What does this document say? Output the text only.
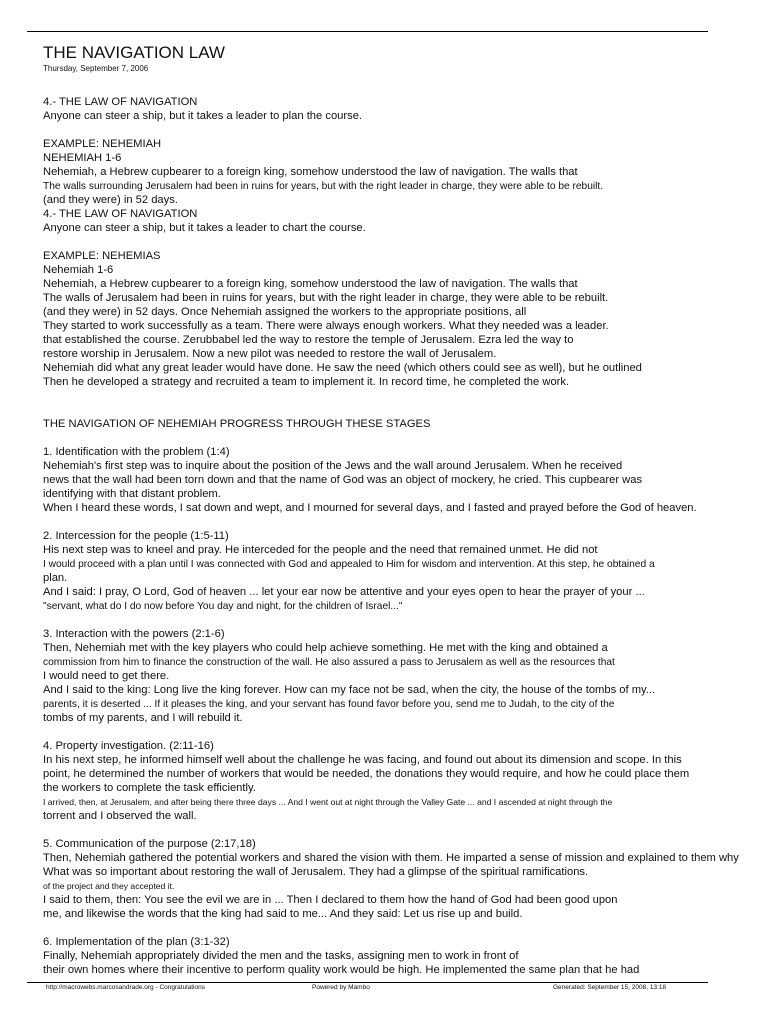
THE NAVIGATION LAW
Thursday, September 7, 2006
4.- THE LAW OF NAVIGATION
Anyone can steer a ship, but it takes a leader to plan the course.
EXAMPLE: NEHEMIAH
NEHEMIAH 1-6
Nehemiah, a Hebrew cupbearer to a foreign king, somehow understood the law of navigation. The walls that
The walls surrounding Jerusalem had been in ruins for years, but with the right leader in charge, they were able to be rebuilt.
(and they were) in 52 days.
4.- THE LAW OF NAVIGATION
Anyone can steer a ship, but it takes a leader to chart the course.
EXAMPLE: NEHEMIAS
Nehemiah 1-6
Nehemiah, a Hebrew cupbearer to a foreign king, somehow understood the law of navigation. The walls that
The walls of Jerusalem had been in ruins for years, but with the right leader in charge, they were able to be rebuilt.
(and they were) in 52 days. Once Nehemiah assigned the workers to the appropriate positions, all
They started to work successfully as a team. There were always enough workers. What they needed was a leader.
that established the course. Zerubbabel led the way to restore the temple of Jerusalem. Ezra led the way to
restore worship in Jerusalem. Now a new pilot was needed to restore the wall of Jerusalem.
Nehemiah did what any great leader would have done. He saw the need (which others could see as well), but he outlined
Then he developed a strategy and recruited a team to implement it. In record time, he completed the work.
THE NAVIGATION OF NEHEMIAH PROGRESS THROUGH THESE STAGES
1. Identification with the problem (1:4)
Nehemiah's first step was to inquire about the position of the Jews and the wall around Jerusalem. When he received
news that the wall had been torn down and that the name of God was an object of mockery, he cried. This cupbearer was
identifying with that distant problem.
When I heard these words, I sat down and wept, and I mourned for several days, and I fasted and prayed before the God of heaven.
2. Intercession for the people (1:5-11)
His next step was to kneel and pray. He interceded for the people and the need that remained unmet. He did not
I would proceed with a plan until I was connected with God and appealed to Him for wisdom and intervention. At this step, he obtained a
plan.
And I said: I pray, O Lord, God of heaven ... let your ear now be attentive and your eyes open to hear the prayer of your ...
"servant, what do I do now before You day and night, for the children of Israel..."
3. Interaction with the powers (2:1-6)
Then, Nehemiah met with the key players who could help achieve something. He met with the king and obtained a
commission from him to finance the construction of the wall. He also assured a pass to Jerusalem as well as the resources that
I would need to get there.
And I said to the king: Long live the king forever. How can my face not be sad, when the city, the house of the tombs of my...
parents, it is deserted ... If it pleases the king, and your servant has found favor before you, send me to Judah, to the city of the
tombs of my parents, and I will rebuild it.
4. Property investigation. (2:11-16)
In his next step, he informed himself well about the challenge he was facing, and found out about its dimension and scope. In this
point, he determined the number of workers that would be needed, the donations they would require, and how he could place them
the workers to complete the task efficiently.
I arrived, then, at Jerusalem, and after being there three days ... And I went out at night through the Valley Gate ... and I ascended at night through the
torrent and I observed the wall.
5. Communication of the purpose (2:17,18)
Then, Nehemiah gathered the potential workers and shared the vision with them. He imparted a sense of mission and explained to them why
What was so important about restoring the wall of Jerusalem. They had a glimpse of the spiritual ramifications.
of the project and they accepted it.
I said to them, then: You see the evil we are in ... Then I declared to them how the hand of God had been good upon
me, and likewise the words that the king had said to me... And they said: Let us rise up and build.
6. Implementation of the plan (3:1-32)
Finally, Nehemiah appropriately divided the men and the tasks, assigning men to work in front of
their own homes where their incentive to perform quality work would be high. He implemented the same plan that he had
http://macrowebs.marcosandrade.org - Congratulations	Powered by Mambo	Generated: September 15, 2008, 13:18
